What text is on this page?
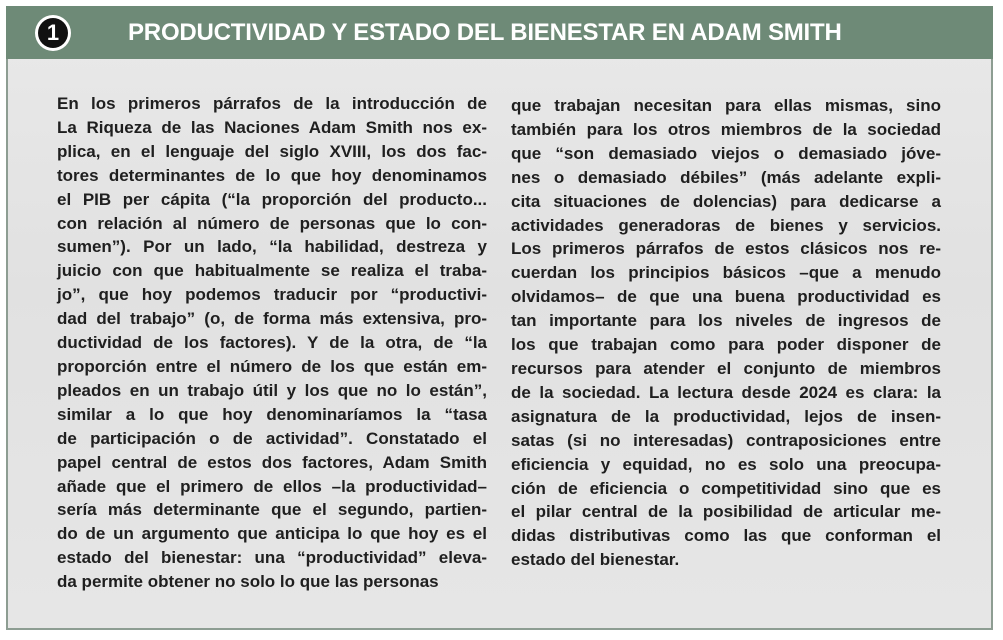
1	PRODUCTIVIDAD Y ESTADO DEL BIENESTAR EN ADAM SMITH
En los primeros párrafos de la introducción de
La Riqueza de las Naciones Adam Smith nos ex-
plica, en el lenguaje del siglo XVIII, los dos fac-
tores determinantes de lo que hoy denominamos
el PIB per cápita (“la proporción del producto...
con relación al número de personas que lo con-
sumen”). Por un lado, “la habilidad, destreza y
juicio con que habitualmente se realiza el traba-
jo”, que hoy podemos traducir por “productivi-
dad del trabajo” (o, de forma más extensiva, pro-
ductividad de los factores). Y de la otra, de “la
proporción entre el número de los que están em-
pleados en un trabajo útil y los que no lo están”,
similar a lo que hoy denominaríamos la “tasa
de participación o de actividad”. Constatado el
papel central de estos dos factores, Adam Smith
añade que el primero de ellos –la productividad–
sería más determinante que el segundo, partien-
do de un argumento que anticipa lo que hoy es el
estado del bienestar: una “productividad” eleva-
da permite obtener no solo lo que las personas
que trabajan necesitan para ellas mismas, sino
también para los otros miembros de la sociedad
que “son demasiado viejos o demasiado jóve-
nes o demasiado débiles” (más adelante expli-
cita situaciones de dolencias) para dedicarse a
actividades generadoras de bienes y servicios.
Los primeros párrafos de estos clásicos nos re-
cuerdan los principios básicos –que a menudo
olvidamos– de que una buena productividad es
tan importante para los niveles de ingresos de
los que trabajan como para poder disponer de
recursos para atender el conjunto de miembros
de la sociedad. La lectura desde 2024 es clara: la
asignatura de la productividad, lejos de insen-
satas (si no interesadas) contraposiciones entre
eficiencia y equidad, no es solo una preocupa-
ción de eficiencia o competitividad sino que es
el pilar central de la posibilidad de articular me-
didas distributivas como las que conforman el
estado del bienestar.
